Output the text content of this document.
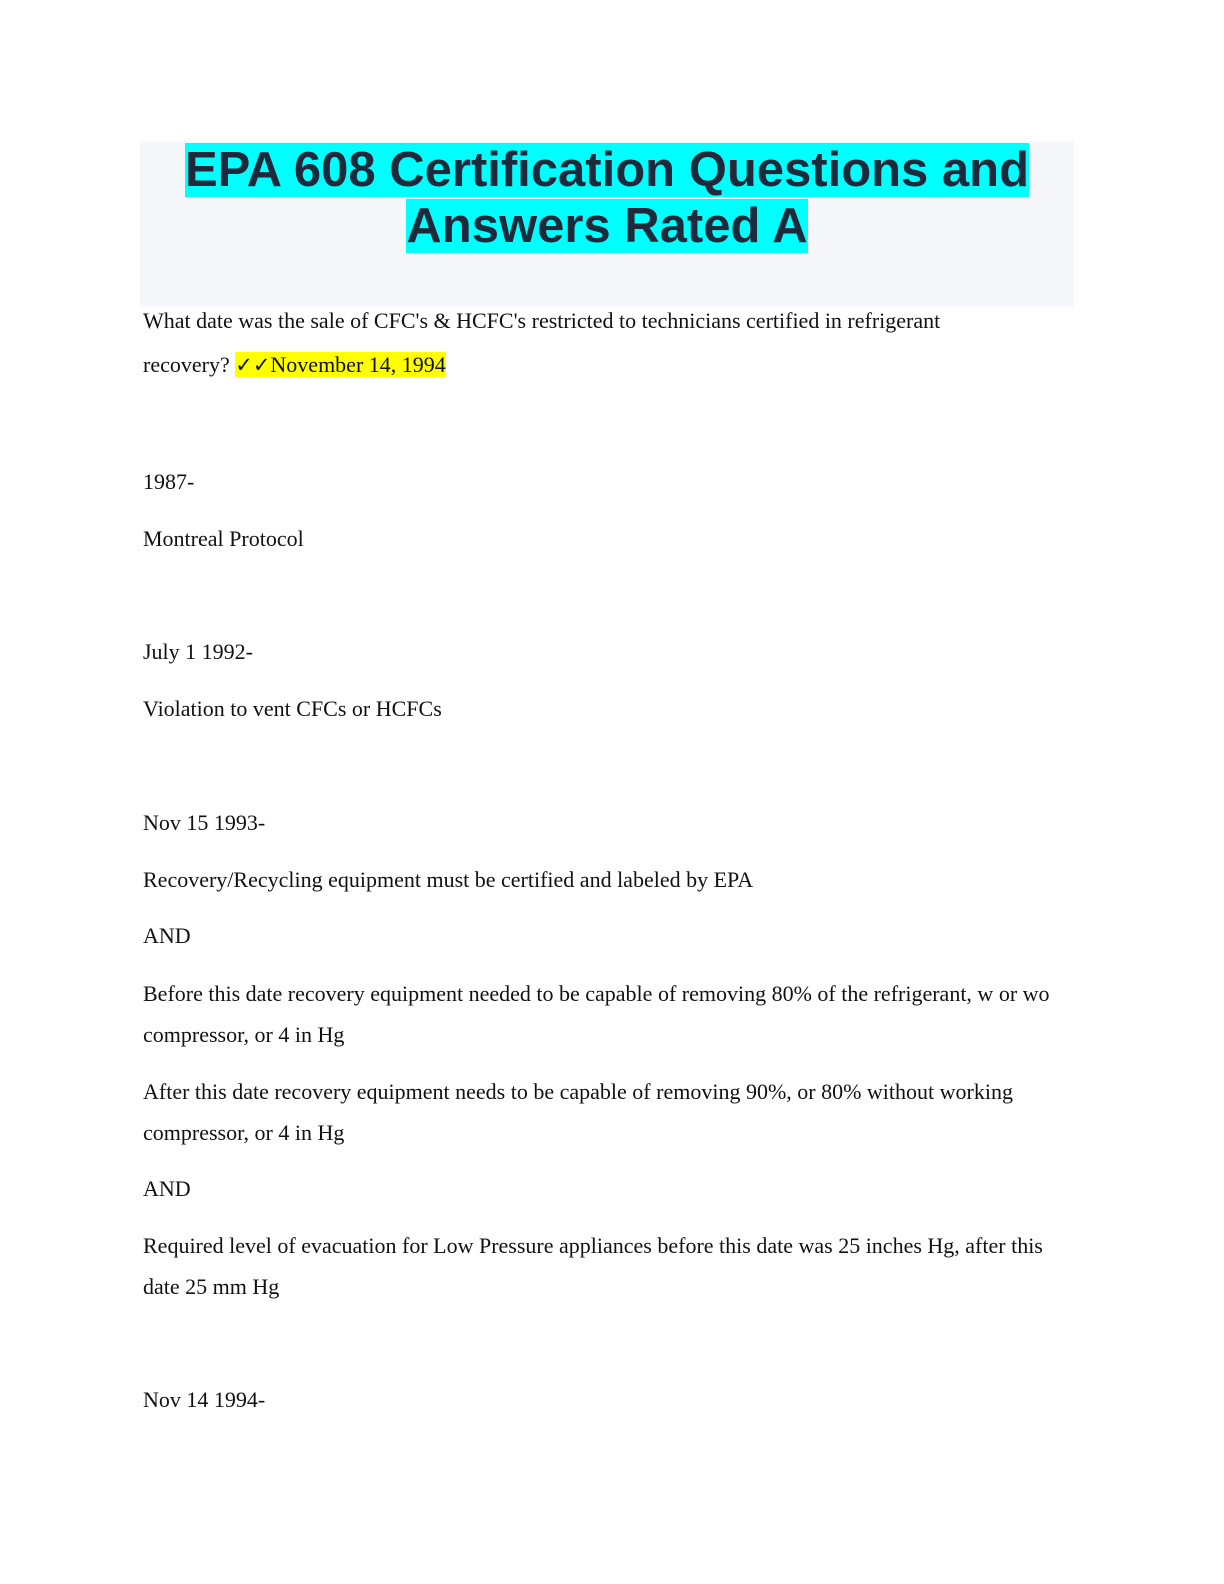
EPA 608 Certification Questions and
Answers Rated A

What date was the sale of CFC's & HCFC's restricted to technicians certified in refrigerant

recovery? ✓✓November 14, 1994

1987-

Montreal Protocol

July 1 1992-

Violation to vent CFCs or HCFCs

Nov 15 1993-

Recovery/Recycling equipment must be certified and labeled by EPA

AND

Before this date recovery equipment needed to be capable of removing 80% of the refrigerant, w or wo compressor, or 4 in Hg

After this date recovery equipment needs to be capable of removing 90%, or 80% without working compressor, or 4 in Hg

AND

Required level of evacuation for Low Pressure appliances before this date was 25 inches Hg, after this date 25 mm Hg

Nov 14 1994-
